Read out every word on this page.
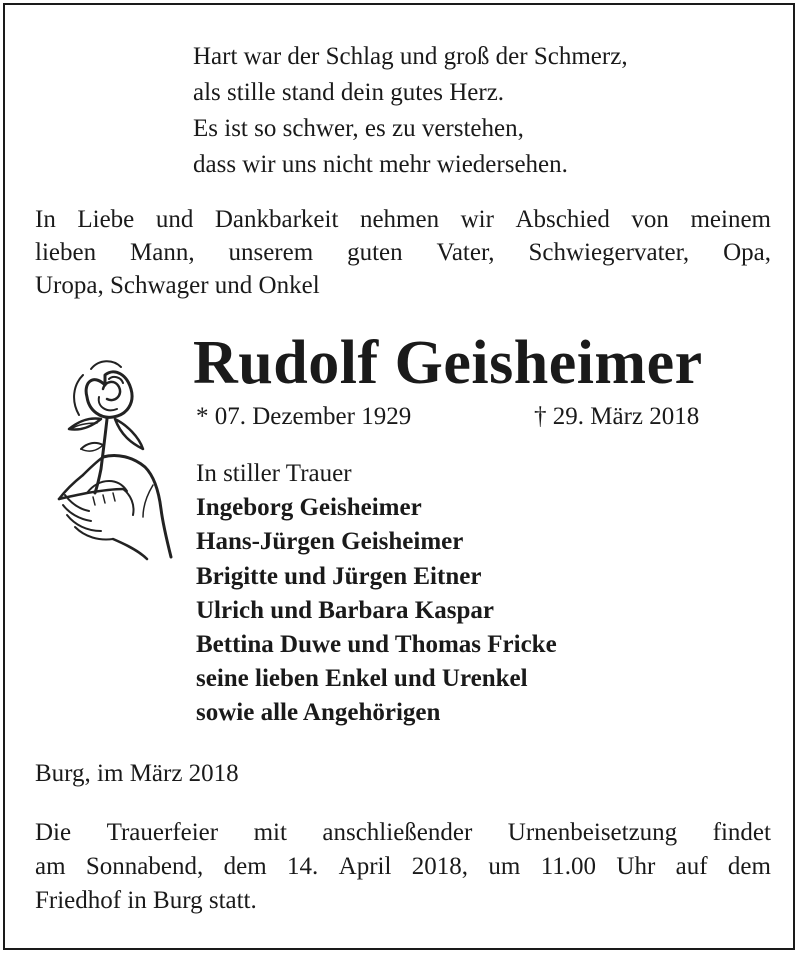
Hart war der Schlag und groß der Schmerz,
als stille stand dein gutes Herz.
Es ist so schwer, es zu verstehen,
dass wir uns nicht mehr wiedersehen.
In Liebe und Dankbarkeit nehmen wir Abschied von meinem
lieben Mann, unserem guten Vater, Schwiegervater, Opa,
Uropa, Schwager und Onkel
Rudolf Geisheimer
* 07. Dezember 1929	† 29. März 2018
In stiller Trauer
Ingeborg Geisheimer
Hans-Jürgen Geisheimer
Brigitte und Jürgen Eitner
Ulrich und Barbara Kaspar
Bettina Duwe und Thomas Fricke
seine lieben Enkel und Urenkel
sowie alle Angehörigen
Burg, im März 2018
Die Trauerfeier mit anschließender Urnenbeisetzung findet
am Sonnabend, dem 14. April 2018, um 11.00 Uhr auf dem
Friedhof in Burg statt.
